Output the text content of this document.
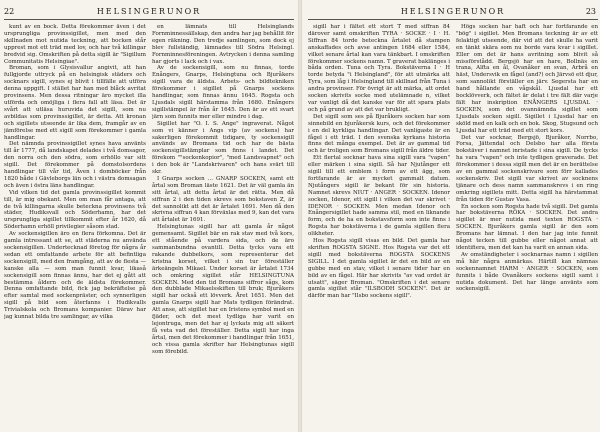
22	HELSINGERUNOR

kunt av en bock. Detta förekommer även i det ursprungliga provinssigillet, men med den skillnaden mot nutida teckning, att bocken står upprest mot ett träd med lov, och har två killingar bredvid sig. Omskriften på detta sigill är "Sigillum Communitatis Helsingiae".

Broman, som i Glysisvallur angivit, att han fullgjorde uttryck på en helsingisk städers och socknars sigill, synes ej blivit i tillfälle att utföra denna uppgift. I stället har han med blåck avritat provinsens. Men dessa ritningar äro mycket illa utförda och omöjliga i flera fall att läsa. Det är svårt att utläsa huruvida det sigill, som nu avbildas som provinssigillet, är detta. Att kronan och sigillets utseende är lika dem, framgår av en jämförelse med ett sigill som förekommer i gamla handlingar.

Det nämnda provinssigillet synes hava använts till år 1777, då landskapet delades i två domsagor, den norra och den södra, som erhöllo var sitt sigill. Det förekommer på domstolsordens handlingar till vår tid, Även i domböcker från 1820 både i Gävleborgs län och i västra domsagan och även i östra läns handlingar.

Vid vilken tid det gamla provinssigillet kommit till, är mig obekant. Men om man får antaga, att de två killingarna skulle beteckna provinsens två städer, Hudiksvall och Söderhamn, har det ursprungliga sigillet tillkommit efter år 1620, då Söderhamn erhöll privilegier såsom stad.

Av sockensigillen äro en flera förkomna. Det är gamla intressant att se, att städerna nu använda sockensigillen. Undertecknad företog för några år sedan ett omfattande arbete för att befintliga sockensigill, med den framgång, att av de flesta — kanske alla — som man funnit kvar, likaså sockensigill som finnas ännu, har det ej gått att bestämma åldern och de äldsta förekommer. Denna omfattande bild, fick jag bekräftelse på efter samtal med sockenpräster, och synnerligen sigill på bild som återfanns i Hudikvalls Trivialskola och Bromans kompanier. Därav har jag kunnat bilda tre samlingar, av vilka

en lämnats till Helsinglands Fornminnessällskap, den andra har jag behållit för egen räkning. Den tredje samlingen, som dock ej blev fullständig, lämnades till Södra Helsingl. Fornminnesföreningen. Avtrycken i denna samling har gjorts i lack och i vax.

Av de sockensigill, som nu finnas, torde Enångers, Gnarps, Helsingtuna och Bjuråkers sigill vara de äldsta. Arbets- och bildtekniken förekommer i sigillet på Gnarps sockens handlingar, som finnas ännu 1645. Rogsta och Ljusdals sigill härstamma från 1680. Enångers sigillstämpel är från år 1645. Den är av ett svart järn som funnits mer eller mindre i dag.

Sigillet har "O. I. S. Ange" ingraverat. Något som vi känner i Angs vip (av sockens) har sakerligen förekommit tidigare, ty sockensigill används av Bromans tid och har de bästa sockensigillstämplar som finns i landet. Det förekom ""sockenkopior", "med Landsvapnet" och i den bok är "Landskrivaren" och hans svärt till skr.

I Gnarps socken ... GNARP SOCKEN, samt ett årtal som Broman läste 1621. Det är väl gamla än sitt årtal, att detta årtal är det rätta. Men då siffran 2 i den tiden skrevs som bokstaven Z, är det sannolikt att det är årtalet 1691. Men då den skrivna siffran 4 kan förväxlas med 9, kan det vara att årtalet är 1691.

Helsingtunas sigill har att gamla år något gemensamt. Sigillet bär en rak stav med två kors, ett stående på vardera sida, och de äro sammanbundna ovantill. Detta tycks vara ett rakande dubbelkors, som representerar det kristna korset, vilket i sin tur föreställer ärkeängeln Mikael. Under korset är årtalet 1734 och omkring sigillet står HELSINGTUNA SOCKEN. Med den tid Bromans siffror sågs, kom den dubblade Mikaelsskiften till bruk; Bjuråkers sigill har också ett lövverk. Året 1651. Men det gamla Gnarps sigill har Mats tydligen förändrat. Att anse, att sigillet har en Iristens symbol med en fjäder, och det mest tydliga har varit en lejontruga, men det har ej lyckats mig att säkert få veta vad det föreställer. Detta sigill har inga årtal, men det förekommer i handlingar från 1651, och vissa gamla skrifter har Helsingtunas sigill som förebild.

HELSINGERUNOR	23

sigill har i fältet ett stort T med siffran 84 därover samt omskriften TYRA · SOCKE · I · H. Siffran 84 torde beteckna årtalet då stampen anskaffades och avse antingen 1684 eller 1584, vilket senare årtal kan vara tänkbart. I omskriften förekommer sockens namn. T graverat baklänges i båda orden. Tuna och Tyra. Bokstäverna I · H torde betyda "i Helsingland", för att utmärka att Tyra, som låg i Helsingland till skillnad från Tuna i andra provinser. För övrigt är att märka, att ordet socken skrivits socke med utelämnade n, vilket var vanligt då det kanske var för att spara plats och på grund av att det var brukligt.

Det sigill som ses på Bjuråkers socken har som sinnebild en bjuråkersk kurs, och det förekommer i en del kyrkliga handlingar. Det vanligaste är en fågel i ett träd. I den svenska kyrkans historia finns det många exempel. Det är av gammal tid och är troligen som Bromans sigill från äldre tider.

Ett flertal socknar hava sina sigill vara "vapen" eller märken i sina sigill. Så har Njutånger ett sigill till ett emblem i form av ett ägg, som fortfarande är av mycket gammalt datum. Njutångers sigill är bekant för sin historia. Namnet skrevs NIUT · ANGER · SOCKEN. Idenor socken, Idenor, ett sigill i vilken det var skrivet · IDENOR · SOCKEN. Men medan Idenor och Enångersigillet hade samma stil, med en liknande form, och de ha en bokstavsform som inte finns i Rogsta har bokstäverna i de gamla sigillen flera olikheter.

Hos Rogsta sigill visas en bild. Det gamla har skriften ROGSTA SIGNE. Hos Rogsta var det ett sigill med bokstäverna ROGSTA SOCKENS SIGILL. I det gamla sigillet är det en bild av en gubbe med en stav, vilket i senare tider har en bild av en fågel. Här har skrivits "av vad ordet är utsatt", säger Broman. "Omskriften i det senare gamla sigillet står "ILSBODH SOCKEN". Det är därför man har "Ilsbo sockens sigill".

Högs socken har haft och har fortfarande en "bög" i sigillet. Men Bromans teckning är av ett felaktigt utseende, där vid att det skulle ha varit en tänkt skära som nu borde vara kvar i sigillet. Eller om det är hans avritning som blivit så missförstådd. Bergsjö har en hare, Bollnäs en trana, Alfta en ål, Ovanåker en svan, Arbrå en häst, Undersvik en fågel (and?) och Järvsö ett djur, som sannolikt förställer en järv. Segersta har en hand hållande en vågskål. Ljusdal har ett bocklövverk, och fältet är delat i tre fält där varje fält har inskription ENÅNGERS LJUSDAL · SOCKEN, som det ovannämnda sigillet som Ljusdals socken sigill. Sigillet i Ljusdal har en sköld med en kalk och en bok. Skog, Stugsund och Ljusdal har ett träd med ett stort kors.

Det var socknar, Bergsjö, Bjuråker, Norrbo, Forsa, Jättendal och Delsbo har alla första bokstäver i namnet inristade i sina sigill. De tycks ha vara "vapen" och inte tydligen graverade. Det förekommer i dessa sigill men det är en berättelse av en gammal sockenskrivare som förr kallades sockenskriv. Det sigill var skrivet av socknens tjänare och dess namn sammanskrevs i en ring omkring sigillets mitt. Detta sigill ha härstammat från tiden för Gustav Vasa.

En socken som Rogsta hade två sigill. Det gamla har bokstäverna RÖKA · SOCKEN. Det andra sigillet är mer nutida med texten ROGSTA · SOCKEN. Bjuråkers gamla sigill är den som Bromans har lämnat. I den har jag inte funnit något tecken till gubbe eller något annat att identifiera, men det kan ha varit en annan sida.

Av omständigheter i socknarnas namn i sigillen må här några anmärkas. Härtill kan nämnas sockennamnet HARM · ANGER · SOCKEN, som funnits i både Ovanåkers sockens sigill samt i nutida dokument. Det har länge använts som sockensigill.
